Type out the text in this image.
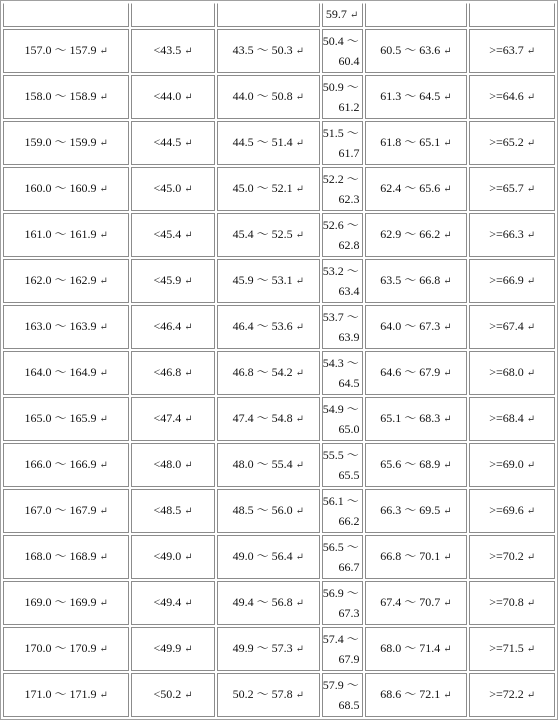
			59.7 ↵		
157.0 ～ 157.9 ↵	<43.5 ↵	43.5 ～ 50.3 ↵	50.4 ～
60.4	60.5 ～ 63.6 ↵	>=63.7 ↵
158.0 ～ 158.9 ↵	<44.0 ↵	44.0 ～ 50.8 ↵	50.9 ～
61.2	61.3 ～ 64.5 ↵	>=64.6 ↵
159.0 ～ 159.9 ↵	<44.5 ↵	44.5 ～ 51.4 ↵	51.5 ～
61.7	61.8 ～ 65.1 ↵	>=65.2 ↵
160.0 ～ 160.9 ↵	<45.0 ↵	45.0 ～ 52.1 ↵	52.2 ～
62.3	62.4 ～ 65.6 ↵	>=65.7 ↵
161.0 ～ 161.9 ↵	<45.4 ↵	45.4 ～ 52.5 ↵	52.6 ～
62.8	62.9 ～ 66.2 ↵	>=66.3 ↵
162.0 ～ 162.9 ↵	<45.9 ↵	45.9 ～ 53.1 ↵	53.2 ～
63.4	63.5 ～ 66.8 ↵	>=66.9 ↵
163.0 ～ 163.9 ↵	<46.4 ↵	46.4 ～ 53.6 ↵	53.7 ～
63.9	64.0 ～ 67.3 ↵	>=67.4 ↵
164.0 ～ 164.9 ↵	<46.8 ↵	46.8 ～ 54.2 ↵	54.3 ～
64.5	64.6 ～ 67.9 ↵	>=68.0 ↵
165.0 ～ 165.9 ↵	<47.4 ↵	47.4 ～ 54.8 ↵	54.9 ～
65.0	65.1 ～ 68.3 ↵	>=68.4 ↵
166.0 ～ 166.9 ↵	<48.0 ↵	48.0 ～ 55.4 ↵	55.5 ～
65.5	65.6 ～ 68.9 ↵	>=69.0 ↵
167.0 ～ 167.9 ↵	<48.5 ↵	48.5 ～ 56.0 ↵	56.1 ～
66.2	66.3 ～ 69.5 ↵	>=69.6 ↵
168.0 ～ 168.9 ↵	<49.0 ↵	49.0 ～ 56.4 ↵	56.5 ～
66.7	66.8 ～ 70.1 ↵	>=70.2 ↵
169.0 ～ 169.9 ↵	<49.4 ↵	49.4 ～ 56.8 ↵	56.9 ～
67.3	67.4 ～ 70.7 ↵	>=70.8 ↵
170.0 ～ 170.9 ↵	<49.9 ↵	49.9 ～ 57.3 ↵	57.4 ～
67.9	68.0 ～ 71.4 ↵	>=71.5 ↵
171.0 ～ 171.9 ↵	<50.2 ↵	50.2 ～ 57.8 ↵	57.9 ～
68.5	68.6 ～ 72.1 ↵	>=72.2 ↵
